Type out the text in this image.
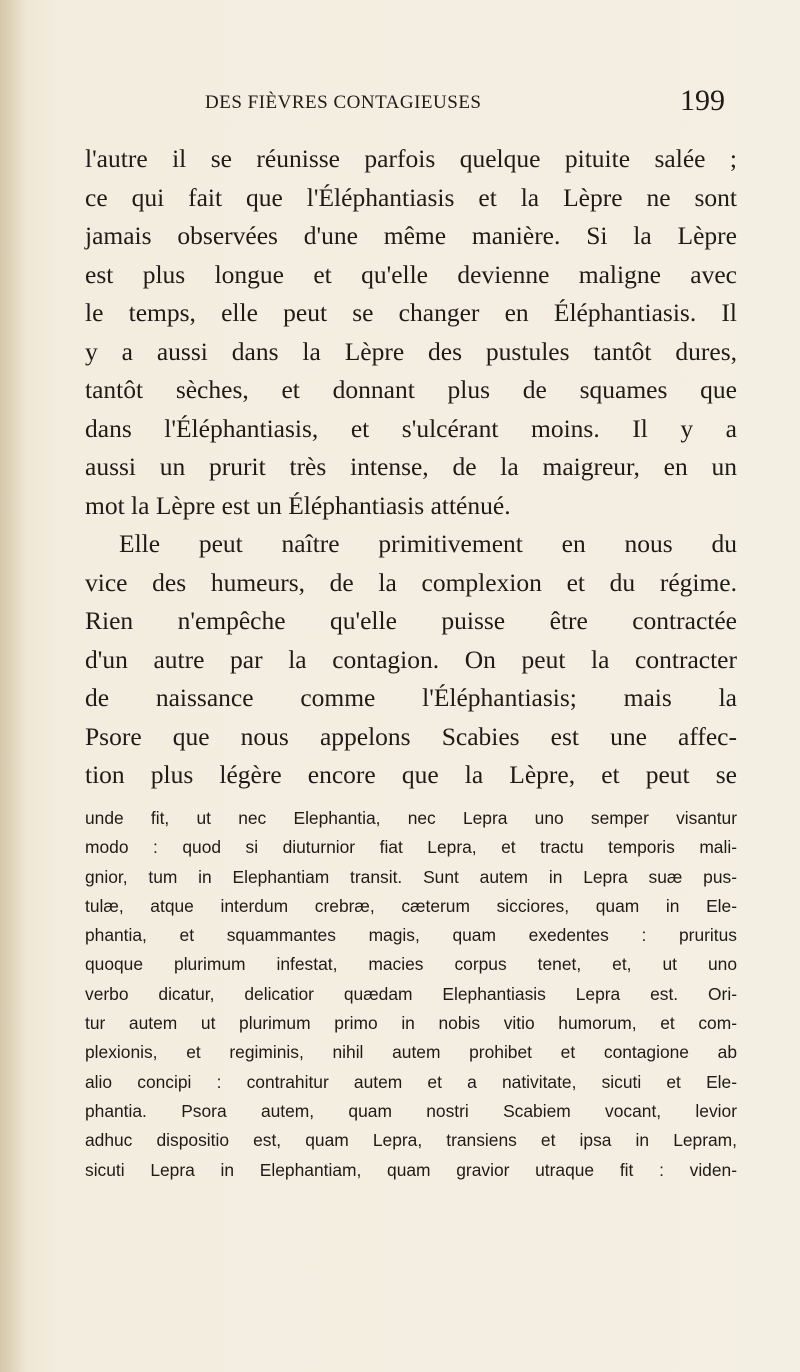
DES FIÈVRES CONTAGIEUSES	199
l'autre il se réunisse parfois quelque pituite salée ;
ce qui fait que l'Éléphantiasis et la Lèpre ne sont
jamais observées d'une même manière. Si la Lèpre
est plus longue et qu'elle devienne maligne avec
le temps, elle peut se changer en Éléphantiasis. Il
y a aussi dans la Lèpre des pustules tantôt dures,
tantôt sèches, et donnant plus de squames que
dans l'Éléphantiasis, et s'ulcérant moins. Il y a
aussi un prurit très intense, de la maigreur, en un
mot la Lèpre est un Éléphantiasis atténué.
Elle peut naître primitivement en nous du
vice des humeurs, de la complexion et du régime.
Rien n'empêche qu'elle puisse être contractée
d'un autre par la contagion. On peut la contracter
de naissance comme l'Éléphantiasis; mais la
Psore que nous appelons Scabies est une affec-
tion plus légère encore que la Lèpre, et peut se
unde fit, ut nec Elephantia, nec Lepra uno semper visantur
modo : quod si diuturnior fiat Lepra, et tractu temporis mali-
gnior, tum in Elephantiam transit. Sunt autem in Lepra suæ pus-
tulæ, atque interdum crebræ, cæterum sicciores, quam in Ele-
phantia, et squammantes magis, quam exedentes : pruritus
quoque plurimum infestat, macies corpus tenet, et, ut uno
verbo dicatur, delicatior quædam Elephantiasis Lepra est. Ori-
tur autem ut plurimum primo in nobis vitio humorum, et com-
plexionis, et regiminis, nihil autem prohibet et contagione ab
alio concipi : contrahitur autem et a nativitate, sicuti et Ele-
phantia. Psora autem, quam nostri Scabiem vocant, levior
adhuc dispositio est, quam Lepra, transiens et ipsa in Lepram,
sicuti Lepra in Elephantiam, quam gravior utraque fit : viden-
